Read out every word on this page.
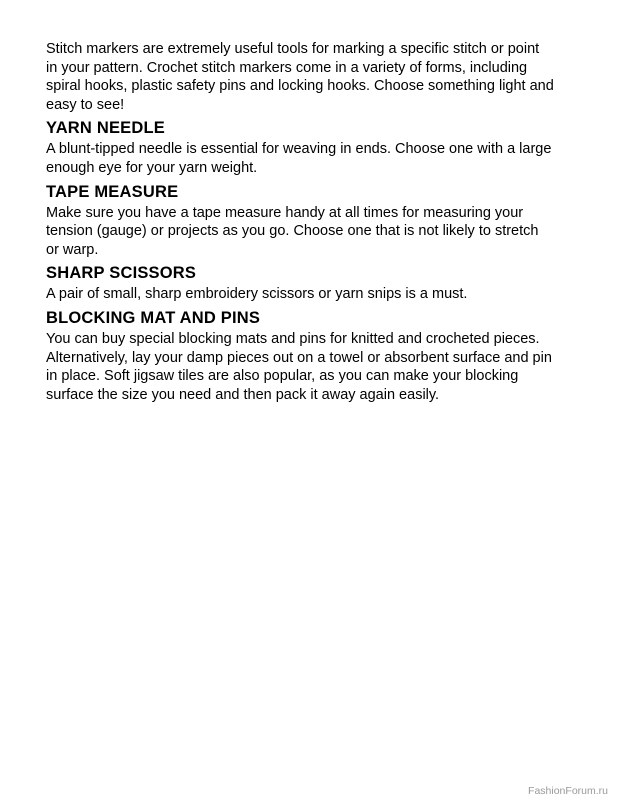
Stitch markers are extremely useful tools for marking a specific stitch or point
in your pattern. Crochet stitch markers come in a variety of forms, including
spiral hooks, plastic safety pins and locking hooks. Choose something light and
easy to see!

YARN NEEDLE

A blunt-tipped needle is essential for weaving in ends. Choose one with a large
enough eye for your yarn weight.

TAPE MEASURE

Make sure you have a tape measure handy at all times for measuring your
tension (gauge) or projects as you go. Choose one that is not likely to stretch
or warp.

SHARP SCISSORS

A pair of small, sharp embroidery scissors or yarn snips is a must.

BLOCKING MAT AND PINS

You can buy special blocking mats and pins for knitted and crocheted pieces.
Alternatively, lay your damp pieces out on a towel or absorbent surface and pin
in place. Soft jigsaw tiles are also popular, as you can make your blocking
surface the size you need and then pack it away again easily.

FashionForum.ru
